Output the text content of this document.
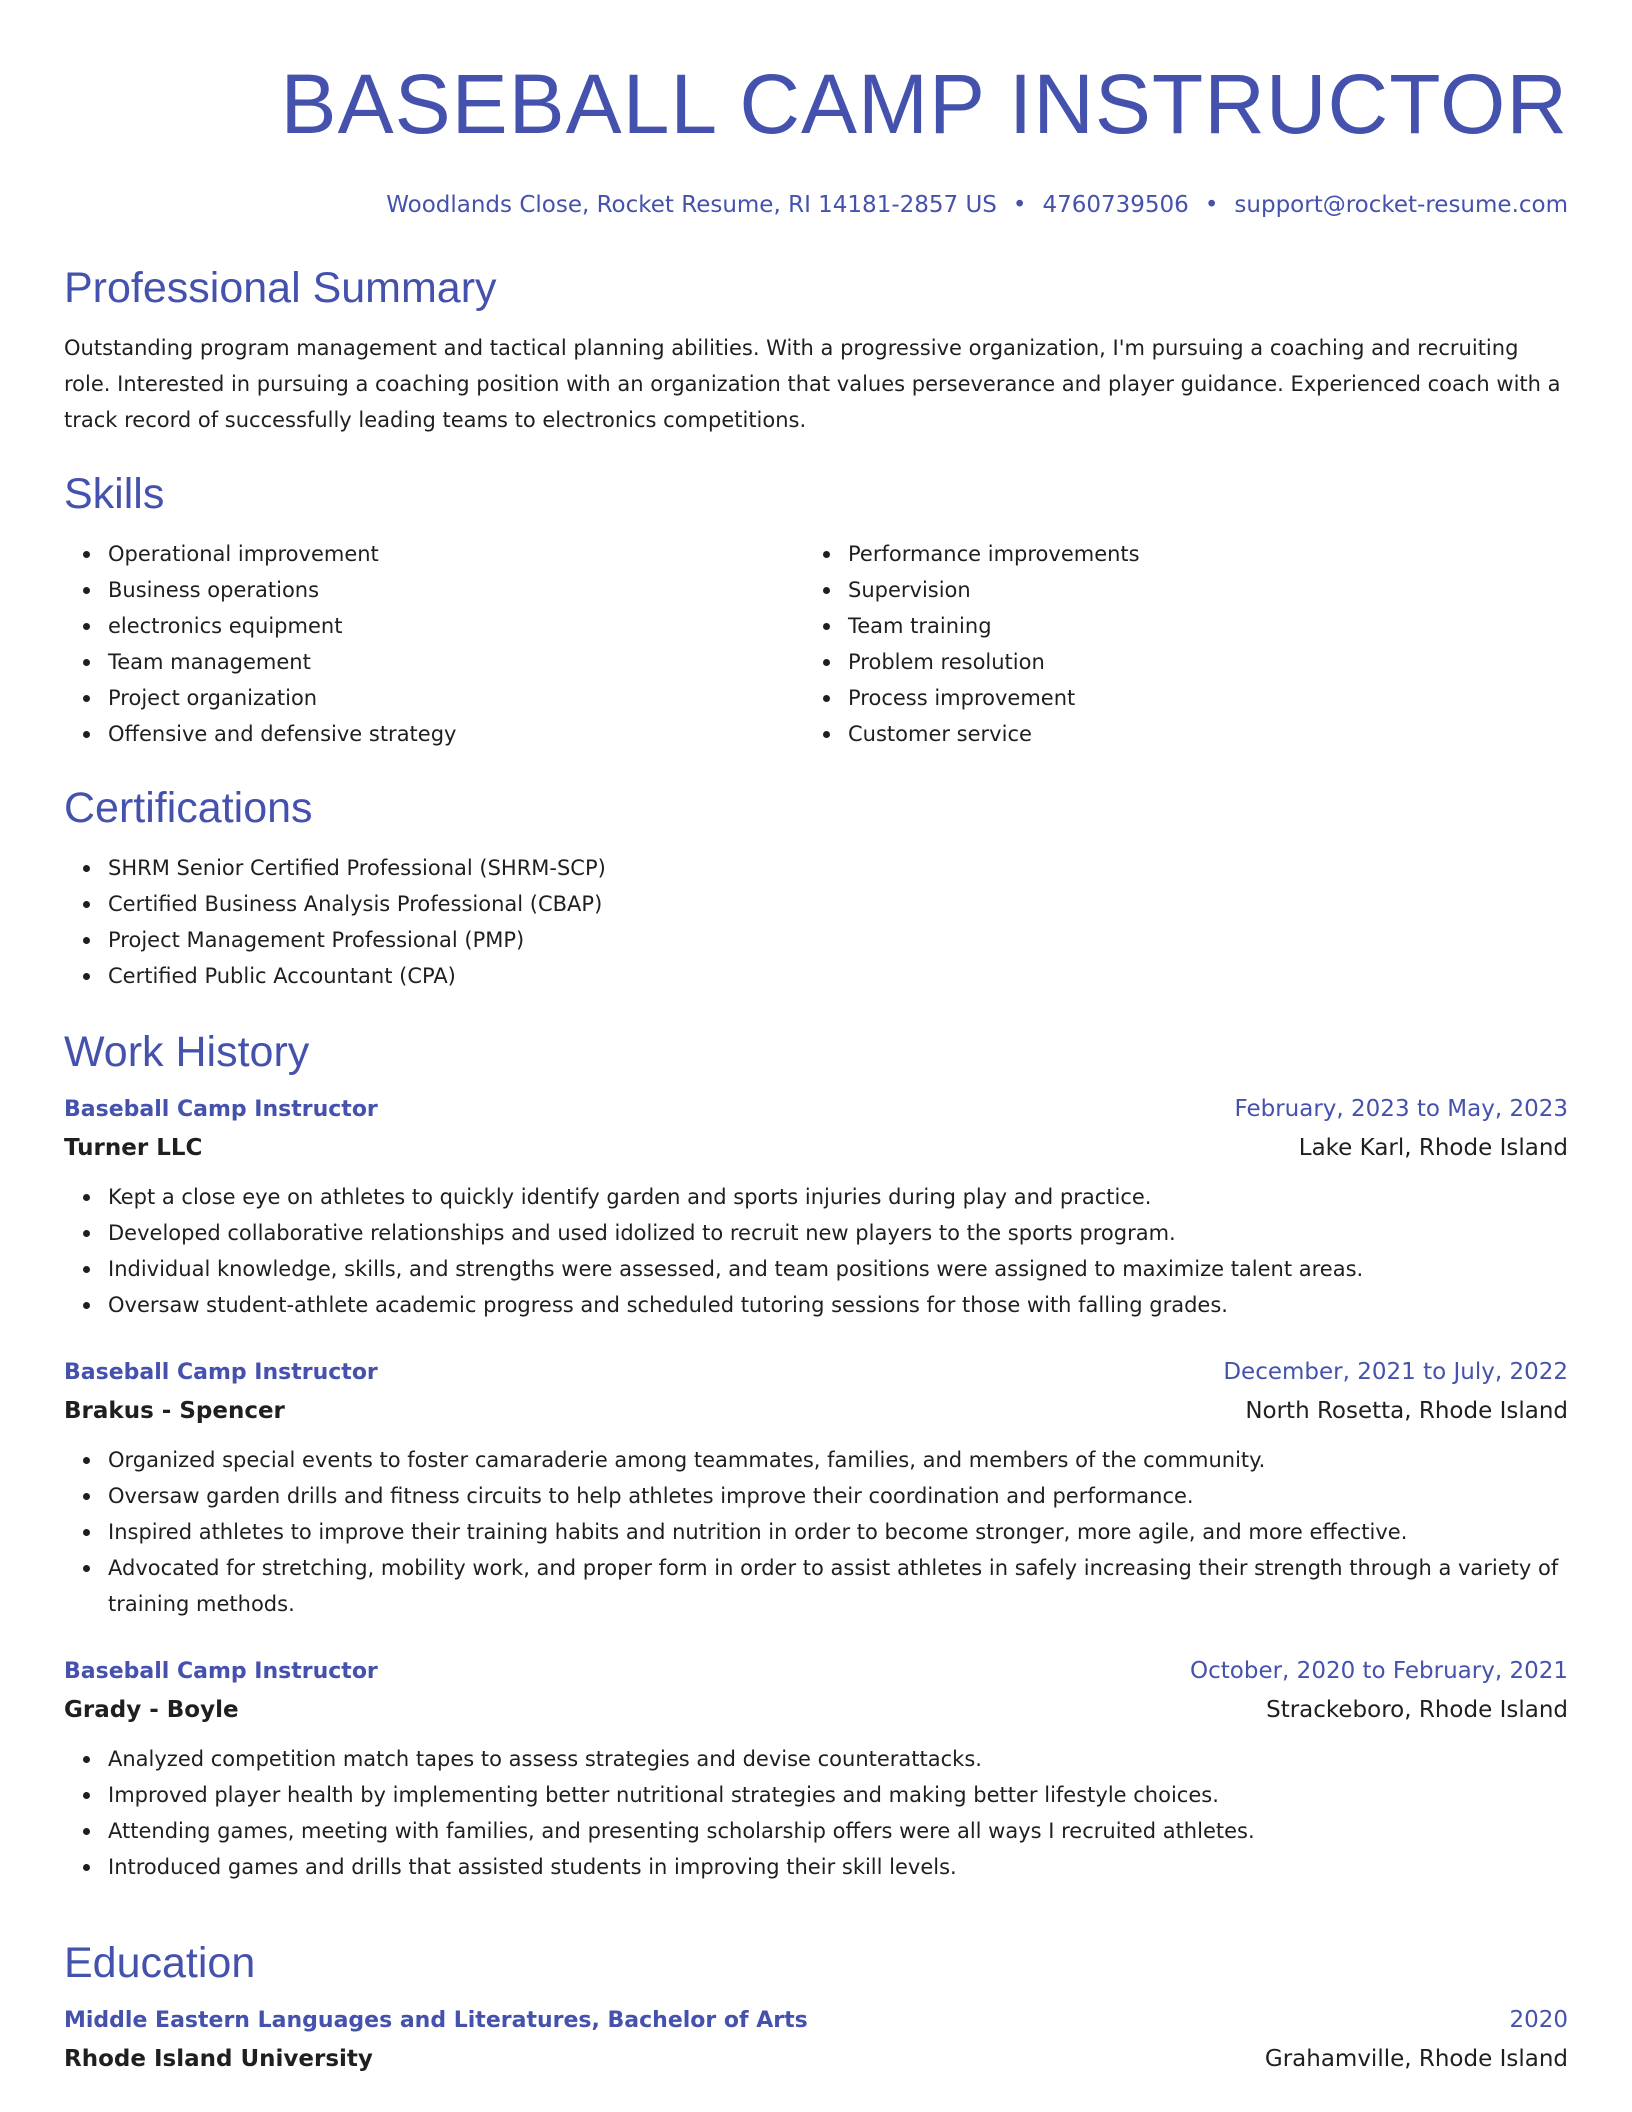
BASEBALL CAMP INSTRUCTOR
Woodlands Close, Rocket Resume, RI 14181-2857 US • 4760739506 • support@rocket-resume.com
Professional Summary

Outstanding program management and tactical planning abilities. With a progressive organization, I'm pursuing a coaching and recruiting role. Interested in pursuing a coaching position with an organization that values perseverance and player guidance. Experienced coach with a track record of successfully leading teams to electronics competitions.

Skills
Operational improvement
Business operations
electronics equipment
Team management
Project organization
Offensive and defensive strategy
Performance improvements
Supervision
Team training
Problem resolution
Process improvement
Customer service
Certifications
SHRM Senior Certified Professional (SHRM-SCP)
Certified Business Analysis Professional (CBAP)
Project Management Professional (PMP)
Certified Public Accountant (CPA)
Work History
Baseball Camp Instructor	February, 2023 to May, 2023
Turner LLC	Lake Karl, Rhode Island
Kept a close eye on athletes to quickly identify garden and sports injuries during play and practice.
Developed collaborative relationships and used idolized to recruit new players to the sports program.
Individual knowledge, skills, and strengths were assessed, and team positions were assigned to maximize talent areas.
Oversaw student-athlete academic progress and scheduled tutoring sessions for those with falling grades.
Baseball Camp Instructor	December, 2021 to July, 2022
Brakus - Spencer	North Rosetta, Rhode Island
Organized special events to foster camaraderie among teammates, families, and members of the community.
Oversaw garden drills and fitness circuits to help athletes improve their coordination and performance.
Inspired athletes to improve their training habits and nutrition in order to become stronger, more agile, and more effective.
Advocated for stretching, mobility work, and proper form in order to assist athletes in safely increasing their strength through a variety of training methods.
Baseball Camp Instructor	October, 2020 to February, 2021
Grady - Boyle	Strackeboro, Rhode Island
Analyzed competition match tapes to assess strategies and devise counterattacks.
Improved player health by implementing better nutritional strategies and making better lifestyle choices.
Attending games, meeting with families, and presenting scholarship offers were all ways I recruited athletes.
Introduced games and drills that assisted students in improving their skill levels.
Education
Middle Eastern Languages and Literatures, Bachelor of Arts	2020
Rhode Island University	Grahamville, Rhode Island
